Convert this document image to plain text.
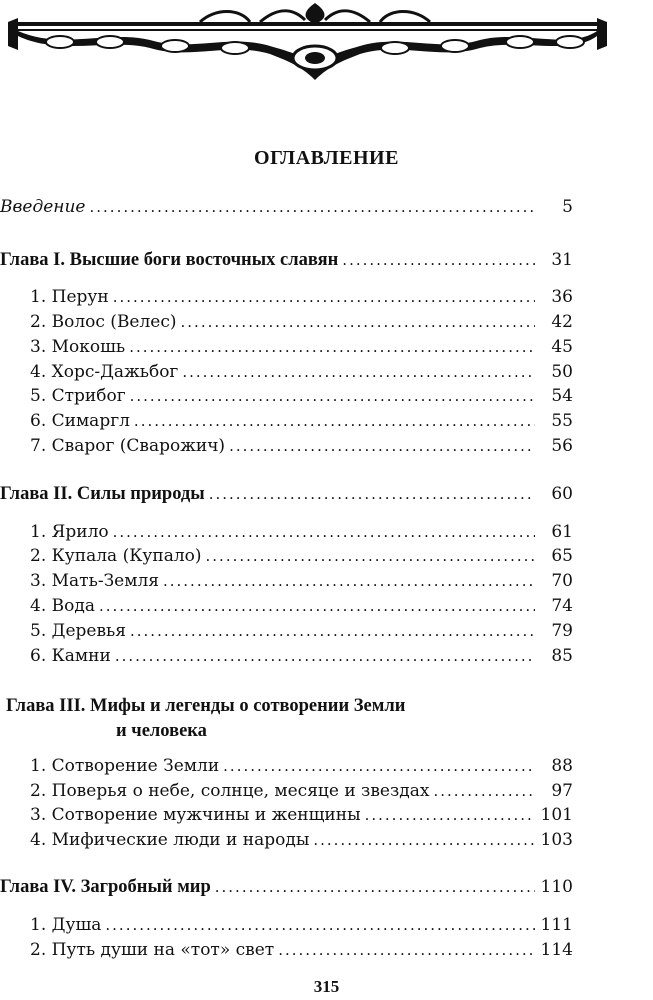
ОГЛАВЛЕНИЕ
Введение .....	5
Глава I. Высшие боги восточных славян .....	31
1. Перун .....	36
2. Волос (Велес) .....	42
3. Мокошь .....	45
4. Хорс-Дажьбог .....	50
5. Стрибог .....	54
6. Симаргл .....	55
7. Сварог (Сварожич) .....	56
Глава II. Силы природы .....	60
1. Ярило .....	61
2. Купала (Купало) .....	65
3. Мать-Земля .....	70
4. Вода .....	74
5. Деревья .....	79
6. Камни .....	85
Глава III. Мифы и легенды о сотворении Земли
и человека
1. Сотворение Земли .....	88
2. Поверья о небе, солнце, месяце и звездах .....	97
3. Сотворение мужчины и женщины .....	101
4. Мифические люди и народы .....	103
Глава IV. Загробный мир .....	110
1. Душа .....	111
2. Путь души на «тот» свет .....	114
315
